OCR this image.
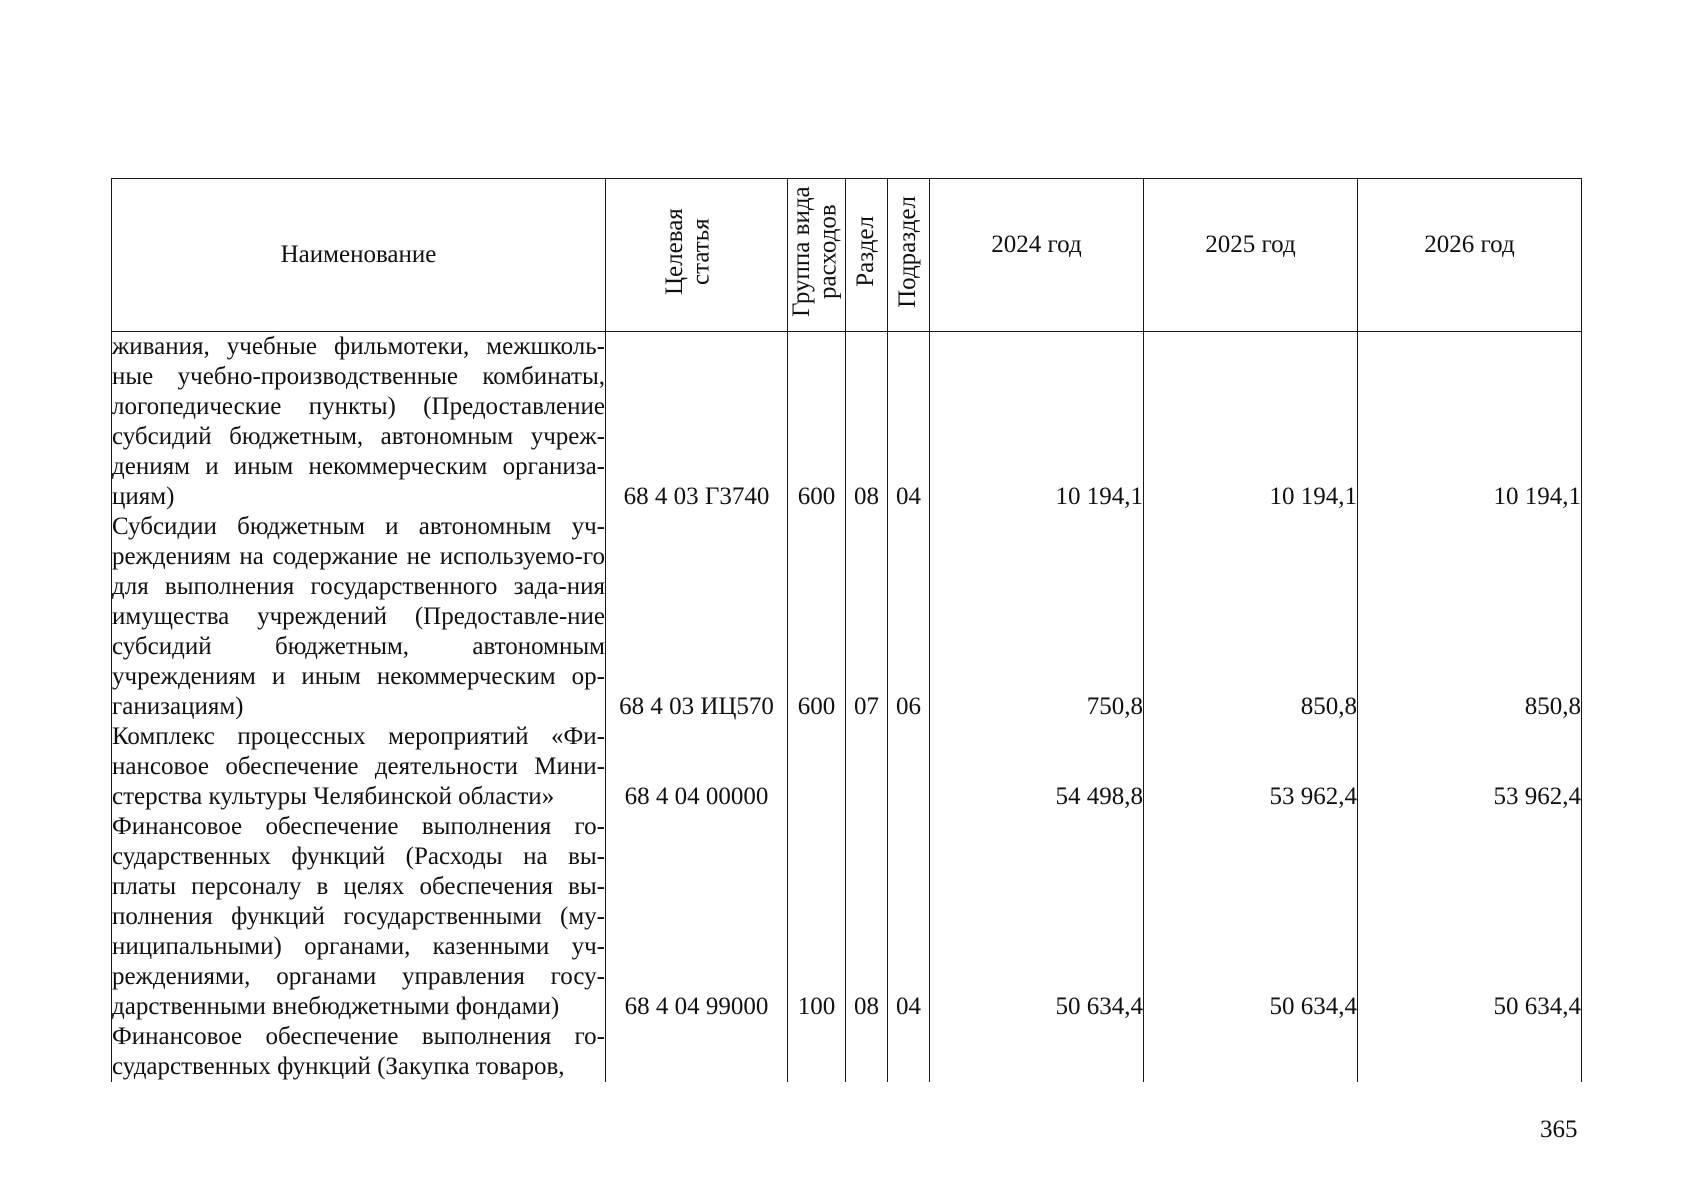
Наименование	Целевая статья	Группа вида расходов	Раздел	Подраздел	2024 год	2025 год	2026 год
живания, учебные фильмотеки, межшколь-ные учебно-производственные комбинаты, логопедические пункты) (Предоставление субсидий бюджетным, автономным учреж-дениям и иным некоммерческим организа-циям)	68 4 03 Г3740	600	08	04	10 194,1	10 194,1	10 194,1
Субсидии бюджетным и автономным уч-реждениям на содержание не используемо-го для выполнения государственного зада-ния имущества учреждений (Предоставле-ние субсидий бюджетным, автономным учреждениям и иным некоммерческим ор-ганизациям)	68 4 03 ИЦ570	600	07	06	750,8	850,8	850,8
Комплекс процессных мероприятий «Фи-нансовое обеспечение деятельности Мини-стерства культуры Челябинской области»	68 4 04 00000				54 498,8	53 962,4	53 962,4
Финансовое обеспечение выполнения го-сударственных функций (Расходы на вы-платы персоналу в целях обеспечения вы-полнения функций государственными (му-ниципальными) органами, казенными уч-реждениями, органами управления госу-дарственными внебюджетными фондами)	68 4 04 99000	100	08	04	50 634,4	50 634,4	50 634,4
Финансовое обеспечение выполнения го-сударственных функций (Закупка товаров,							
365
